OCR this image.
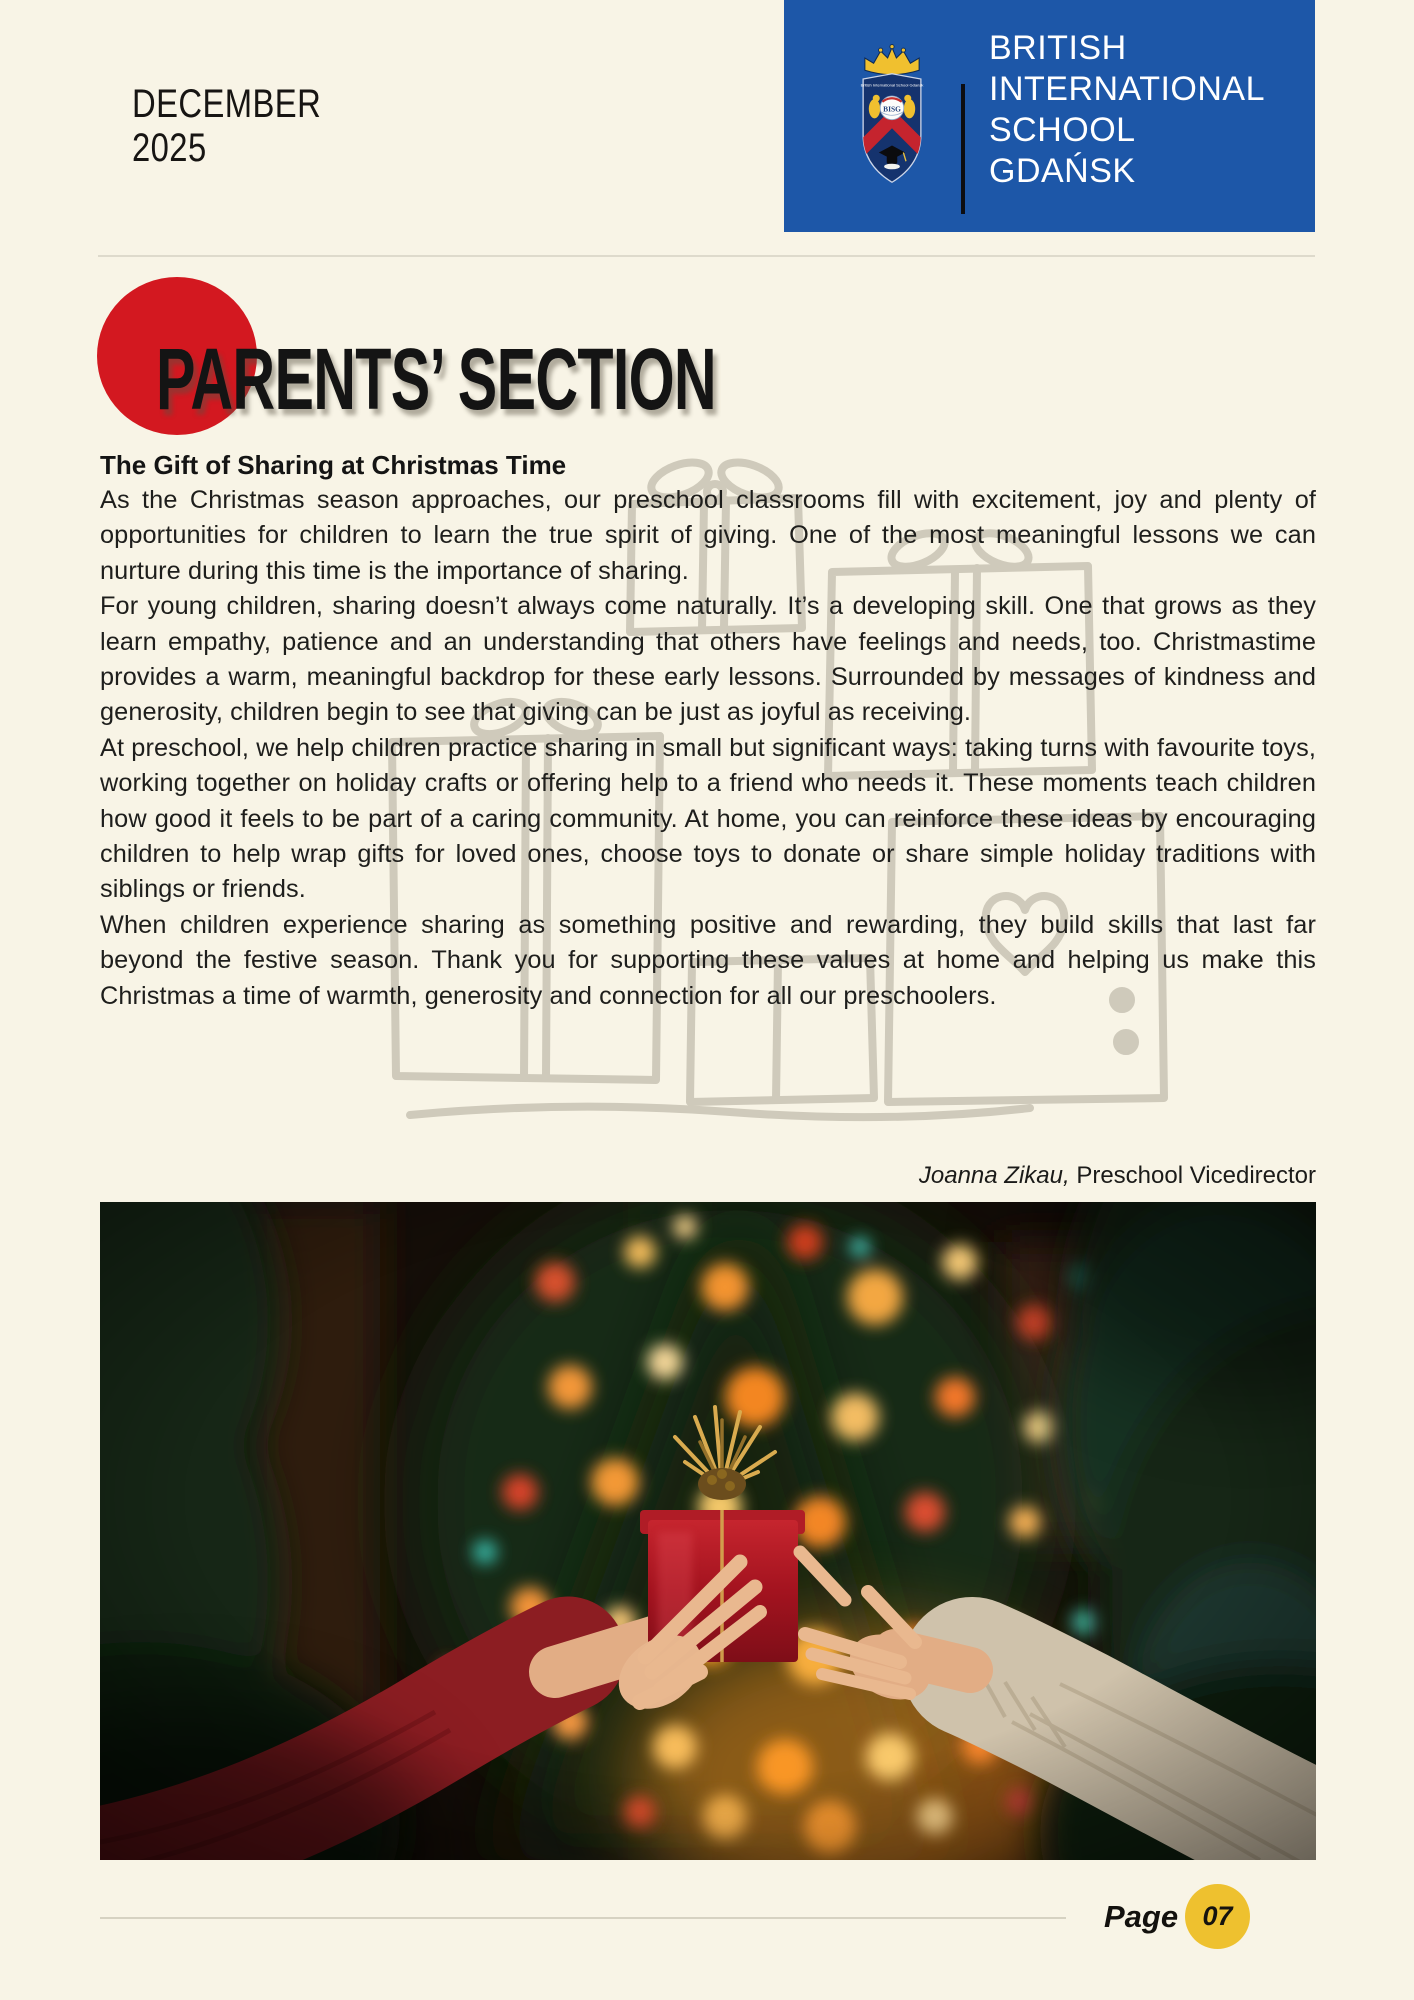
DECEMBER
2025
British International School Gdansk
BISG
BRITISH
INTERNATIONAL
SCHOOL
GDAŃSK
PARENTS’ SECTION
The Gift of Sharing at Christmas Time

As the Christmas season approaches, our preschool classrooms fill with excitement, joy and plenty of opportunities for children to learn the true spirit of giving. One of the most meaningful lessons we can nurture during this time is the importance of sharing.

For young children, sharing doesn’t always come naturally. It’s a developing skill. One that grows as they learn empathy, patience and an understanding that others have feelings and needs, too. Christmastime provides a warm, meaningful backdrop for these early lessons. Surrounded by messages of kindness and generosity, children begin to see that giving can be just as joyful as receiving.

At preschool, we help children practice sharing in small but significant ways: taking turns with favourite toys, working together on holiday crafts or offering help to a friend who needs it. These moments teach children how good it feels to be part of a caring community. At home, you can reinforce these ideas by encouraging children to help wrap gifts for loved ones, choose toys to donate or share simple holiday traditions with siblings or friends.

When children experience sharing as something positive and rewarding, they build skills that last far beyond the festive season. Thank you for supporting these values at home and helping us make this Christmas a time of warmth, generosity and connection for all our preschoolers.

Joanna Zikau, Preschool Vicedirector
Page 07
